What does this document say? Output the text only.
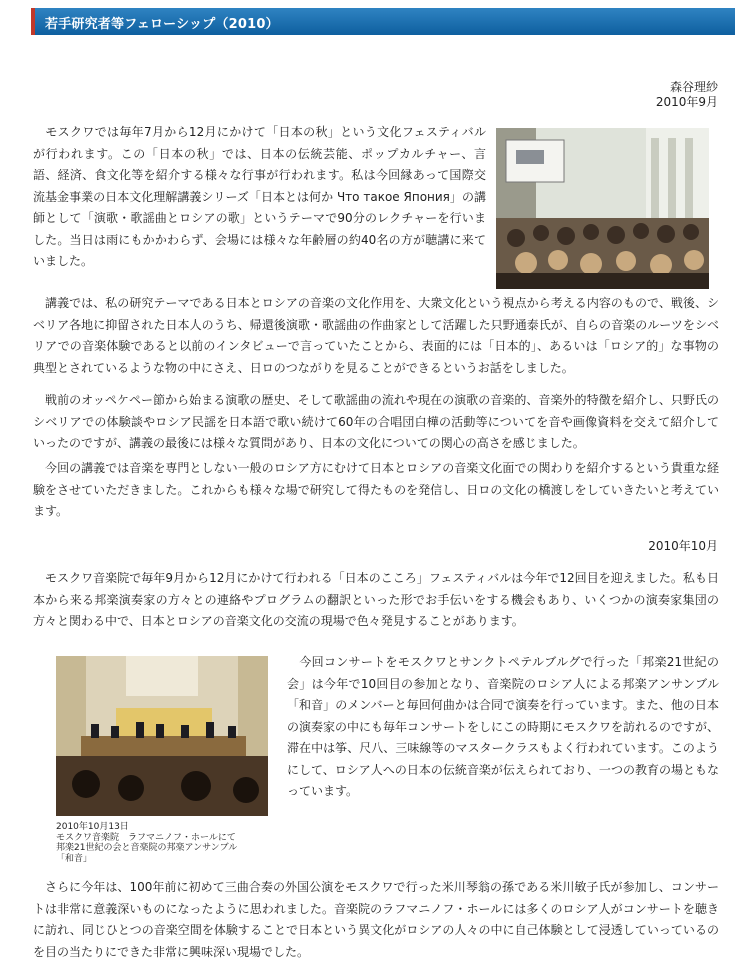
若手研究者等フェローシップ（2010）
森谷理紗
2010年9月

　モスクワでは毎年7月から12月にかけて「日本の秋」という文化フェスティバルが行われます。この「日本の秋」では、日本の伝統芸能、ポップカルチャー、言語、経済、食文化等を紹介する様々な行事が行われます。私は今回縁あって国際交流基金事業の日本文化理解講義シリーズ「日本とは何か Что такое Япония」の講師として「演歌・歌謡曲とロシアの歌」というテーマで90分のレクチャーを行いました。当日は雨にもかかわらず、会場には様々な年齢層の約40名の方が聴講に来ていました。

　講義では、私の研究テーマである日本とロシアの音楽の文化作用を、大衆文化という視点から考える内容のもので、戦後、シベリア各地に抑留された日本人のうち、帰還後演歌・歌謡曲の作曲家として活躍した只野通泰氏が、自らの音楽のルーツをシベリアでの音楽体験であると以前のインタビューで言っていたことから、表面的には「日本的」、あるいは「ロシア的」な事物の典型とされているような物の中にさえ、日ロのつながりを見ることができるというお話をしました。

　戦前のオッペケペー節から始まる演歌の歴史、そして歌謡曲の流れや現在の演歌の音楽的、音楽外的特徴を紹介し、只野氏のシベリアでの体験談やロシア民謡を日本語で歌い続けて60年の合唱団白樺の活動等についてを音や画像資料を交えて紹介していったのですが、講義の最後には様々な質問があり、日本の文化についての関心の高さを感じました。

　今回の講義では音楽を専門としない一般のロシア方にむけて日本とロシアの音楽文化面での関わりを紹介するという貴重な経験をさせていただきました。これからも様々な場で研究して得たものを発信し、日ロの文化の橋渡しをしていきたいと考えています。

2010年10月

　モスクワ音楽院で毎年9月から12月にかけて行われる「日本のこころ」フェスティバルは今年で12回目を迎えました。私も日本から来る邦楽演奏家の方々との連絡やプログラムの翻訳といった形でお手伝いをする機会もあり、いくつかの演奏家集団の方々と関わる中で、日本とロシアの音楽文化の交流の現場で色々発見することがあります。

　今回コンサートをモスクワとサンクトペテルブルグで行った「邦楽21世紀の会」は今年で10回目の参加となり、音楽院のロシア人による邦楽アンサンブル「和音」のメンバーと毎回何曲かは合同で演奏を行っています。また、他の日本の演奏家の中にも毎年コンサートをしにこの時期にモスクワを訪れるのですが、滞在中は筝、尺八、三味線等のマスタークラスもよく行われています。このようにして、ロシア人への日本の伝統音楽が伝えられており、一つの教育の場ともなっています。

2010年10月13日
モスクワ音楽院　ラフマニノフ・ホールにて
邦楽21世紀の会と音楽院の邦楽アンサンブル
「和音」

　さらに今年は、100年前に初めて三曲合奏の外国公演をモスクワで行った米川琴翁の孫である米川敏子氏が参加し、コンサートは非常に意義深いものになったように思われました。音楽院のラフマニノフ・ホールには多くのロシア人がコンサートを聴きに訪れ、同じひとつの音楽空間を体験することで日本という異文化がロシアの人々の中に自己体験として浸透していっているのを目の当たりにできた非常に興味深い現場でした。
